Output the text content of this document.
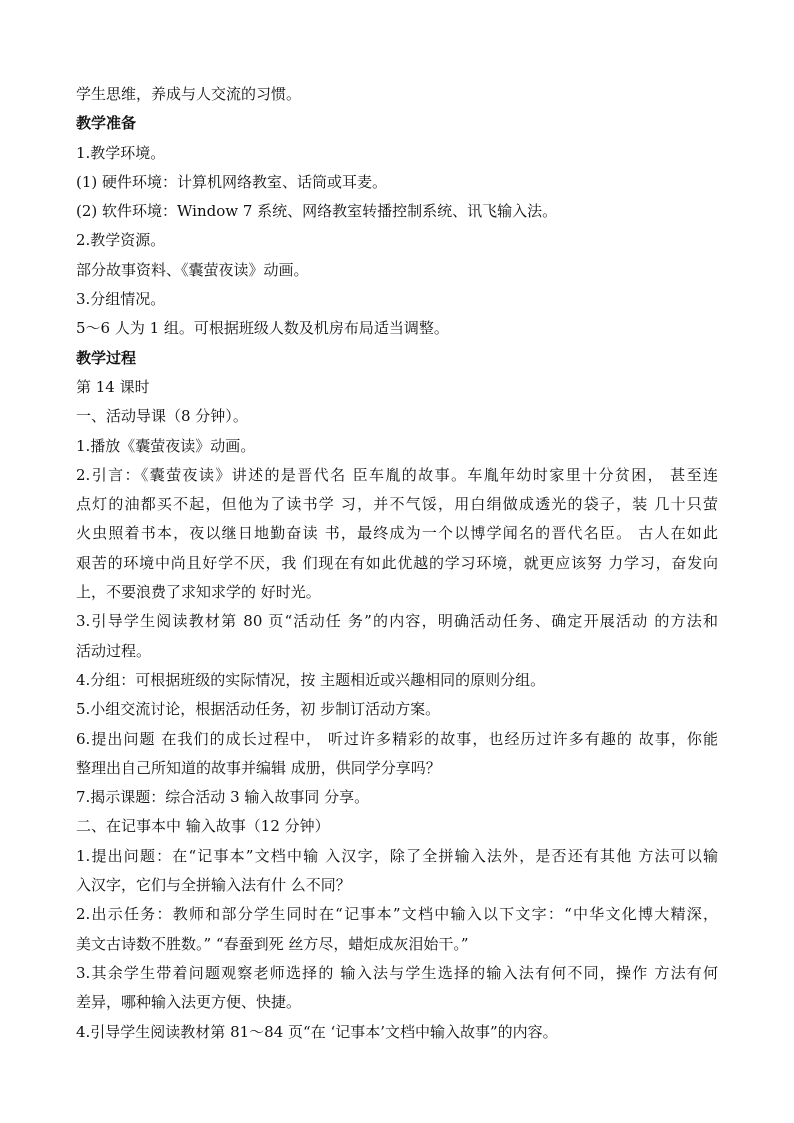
学生思维，养成与人交流的习惯。
教学准备
1.教学环境。
(1) 硬件环境：计算机网络教室、话筒或耳麦。
(2) 软件环境：Window 7 系统、网络教室转播控制系统、讯飞输入法。
2.教学资源。
部分故事资料、《囊萤夜读》动画。
3.分组情况。
5～6 人为 1 组。可根据班级人数及机房布局适当调整。
教学过程
第 14 课时
一、活动导课（8 分钟）。
1.播放《囊萤夜读》动画。
2.引言：《囊萤夜读》讲述的是晋代名 臣车胤的故事。车胤年幼时家里十分贫困， 甚至连
点灯的油都买不起，但他为了读书学 习，并不气馁，用白绢做成透光的袋子，装 几十只萤
火虫照着书本，夜以继日地勤奋读 书，最终成为一个以博学闻名的晋代名臣。 古人在如此
艰苦的环境中尚且好学不厌，我 们现在有如此优越的学习环境，就更应该努 力学习，奋发向
上，不要浪费了求知求学的 好时光。
3.引导学生阅读教材第 80 页“活动任 务”的内容，明确活动任务、确定开展活动 的方法和
活动过程。
4.分组：可根据班级的实际情况，按 主题相近或兴趣相同的原则分组。
5.小组交流讨论，根据活动任务，初 步制订活动方案。
6.提出问题 在我们的成长过程中， 听过许多精彩的故事，也经历过许多有趣的 故事，你能
整理出自己所知道的故事并编辑 成册，供同学分享吗？
7.揭示课题：综合活动 3 输入故事同 分享。
二、在记事本中 输入故事（12 分钟）
1.提出问题：在“记事本”文档中输 入汉字，除了全拼输入法外，是否还有其他 方法可以输
入汉字，它们与全拼输入法有什 么不同？
2.出示任务：教师和部分学生同时在“记事本”文档中输入以下文字：“中华文化博大精深，
美文古诗数不胜数。” “春蚕到死 丝方尽，蜡炬成灰泪始干。”
3.其余学生带着问题观察老师选择的 输入法与学生选择的输入法有何不同，操作 方法有何
差异，哪种输入法更方便、快捷。
4.引导学生阅读教材第 81～84 页“在 ‘记事本’文档中输入故事”的内容。
